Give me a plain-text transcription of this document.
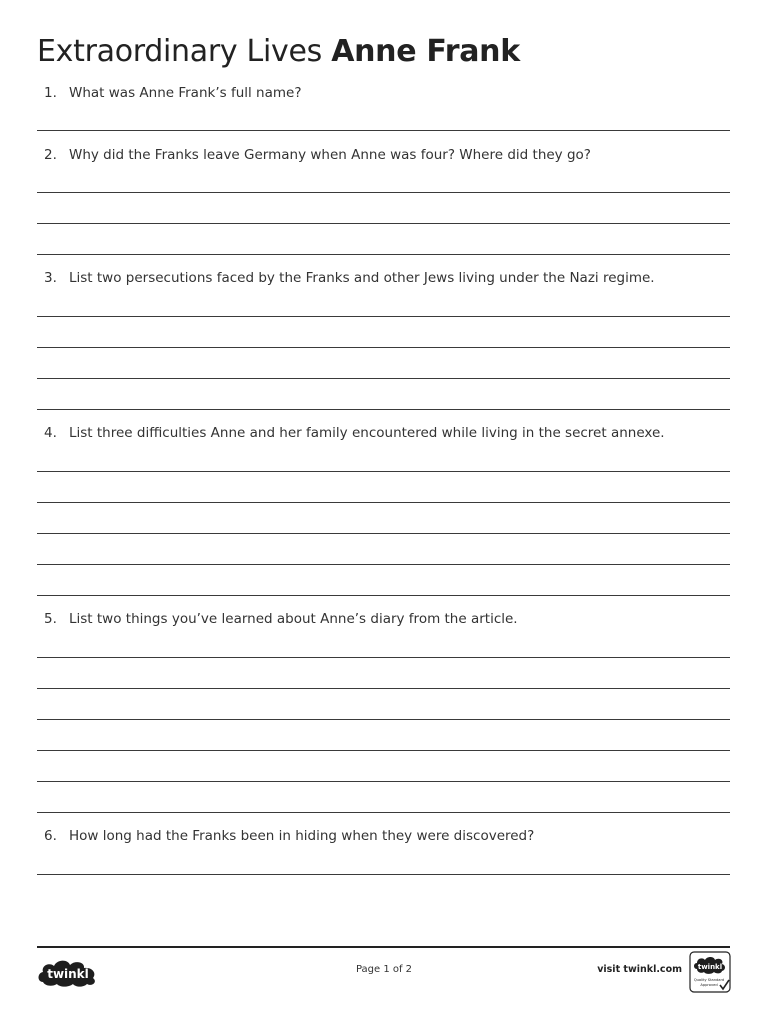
Extraordinary Lives Anne Frank
1. What was Anne Frank’s full name?
2. Why did the Franks leave Germany when Anne was four? Where did they go?
3. List two persecutions faced by the Franks and other Jews living under the Nazi regime.
4. List three difficulties Anne and her family encountered while living in the secret annexe.
5. List two things you’ve learned about Anne’s diary from the article.
6. How long had the Franks been in hiding when they were discovered?
twinkl	Page 1 of 2	visit twinkl.com twinkl
Quality Standard
Approved
